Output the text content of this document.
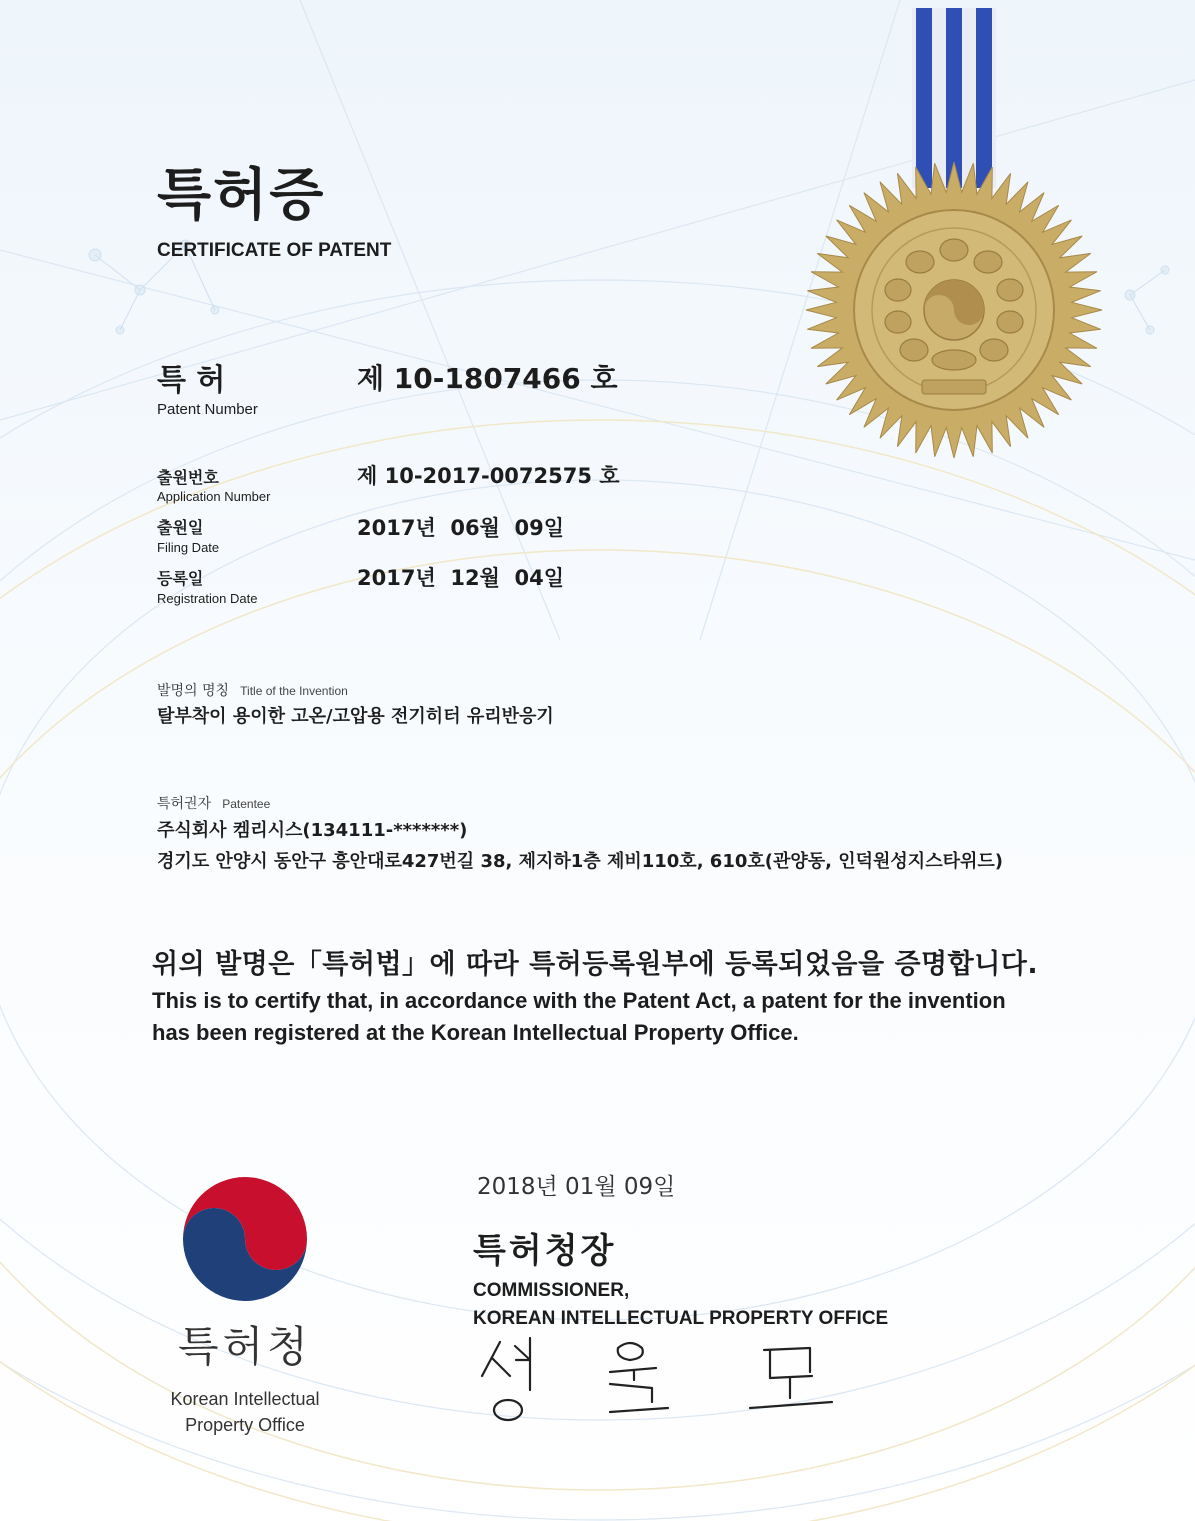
특허증
CERTIFICATE OF PATENT
특 허
Patent Number
제 10-1807466 호
출원번호
Application Number
제 10-2017-0072575 호
출원일
Filing Date
2017년  06월  09일
등록일
Registration Date
2017년  12월  04일
발명의 명칭 Title of the Invention
탈부착이 용이한 고온/고압용 전기히터 유리반응기
특허권자 Patentee
주식회사 켐리시스(134111-*******)
경기도 안양시 동안구 흥안대로427번길 38, 제지하1층 제비110호, 610호(관양동, 인덕원성지스타위드)
위의 발명은「특허법」에 따라 특허등록원부에 등록되었음을 증명합니다.
This is to certify that, in accordance with the Patent Act, a patent for the invention
has been registered at the Korean Intellectual Property Office.
2018년 01월 09일
특허청장
COMMISSIONER,
KOREAN INTELLECTUAL PROPERTY OFFICE
특허청
Korean Intellectual
Property Office
